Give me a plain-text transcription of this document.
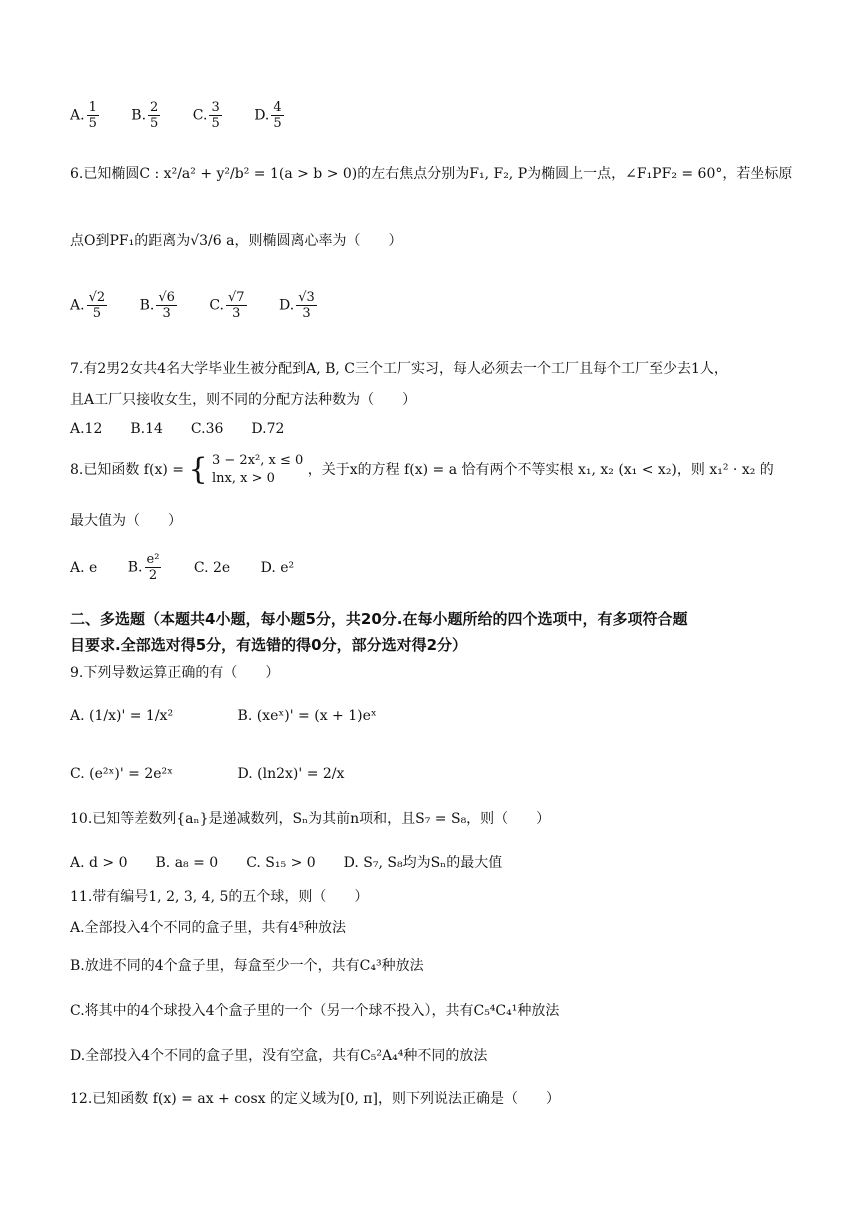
A. $\frac{1}{5} B$. $\frac{2}{5} C$. $\frac{3}{5} D$. $\frac{4}{5}$
6.已知椭圆C : x²/a² + y²/b² = 1(a > b > 0)的左右焦点分别为F₁, F₂, P为椭圆上一点，∠F₁PF₂ = 60°，若坐标原
点O到PF₁的距离为√3/6 a，则椭圆离心率为（　　）
A. $\frac{√2}{5} B$. $\frac{√6}{3} C$. $\frac{√7}{3} D$. $\frac{√3}{3}$
7.有2男2女共4名大学毕业生被分配到A, B, C三个工厂实习，每人必须去一个工厂且每个工厂至少去1人，
且A工厂只接收女生，则不同的分配方法种数为（　　）
A.12　　B.14　　C.36　　D.72
8.已知函数 f(x) = { 3 − 2x², x ≤ 0
lnx, x > 0
，关于x的方程 f(x) = a 恰有两个不等实根 x₁, x₂ (x₁ < x₂)，则 x₁² · x₂ 的
最大值为（　　）
A. e B. $\frac{\text{e²}}{2} C$. 2e D. e²
二、多选题（本题共4小题，每小题5分，共20分.在每小题所给的四个选项中，有多项符合题
目要求.全部选对得5分，有选错的得0分，部分选对得2分）
9.下列导数运算正确的有（　　）
A. (1/x)' = 1/x²	B. (xeˣ)' = (x + 1)eˣ
C. (e²ˣ)' = 2e²ˣ	D. (ln2x)' = 2/x
10.已知等差数列{aₙ}是递减数列，Sₙ为其前n项和，且S₇ = S₈，则（　　）
A. d > 0　　B. a₈ = 0　　C. S₁₅ > 0　　D. S₇, S₈均为Sₙ的最大值
11.带有编号1, 2, 3, 4, 5的五个球，则（　　）
A.全部投入4个不同的盒子里，共有4⁵种放法
B.放进不同的4个盒子里，每盒至少一个，共有C₄³种放法
C.将其中的4个球投入4个盒子里的一个（另一个球不投入），共有C₅⁴C₄¹种放法
D.全部投入4个不同的盒子里，没有空盒，共有C₅²A₄⁴种不同的放法
12.已知函数 f(x) = ax + cosx 的定义域为[0, π]，则下列说法正确是（　　）
